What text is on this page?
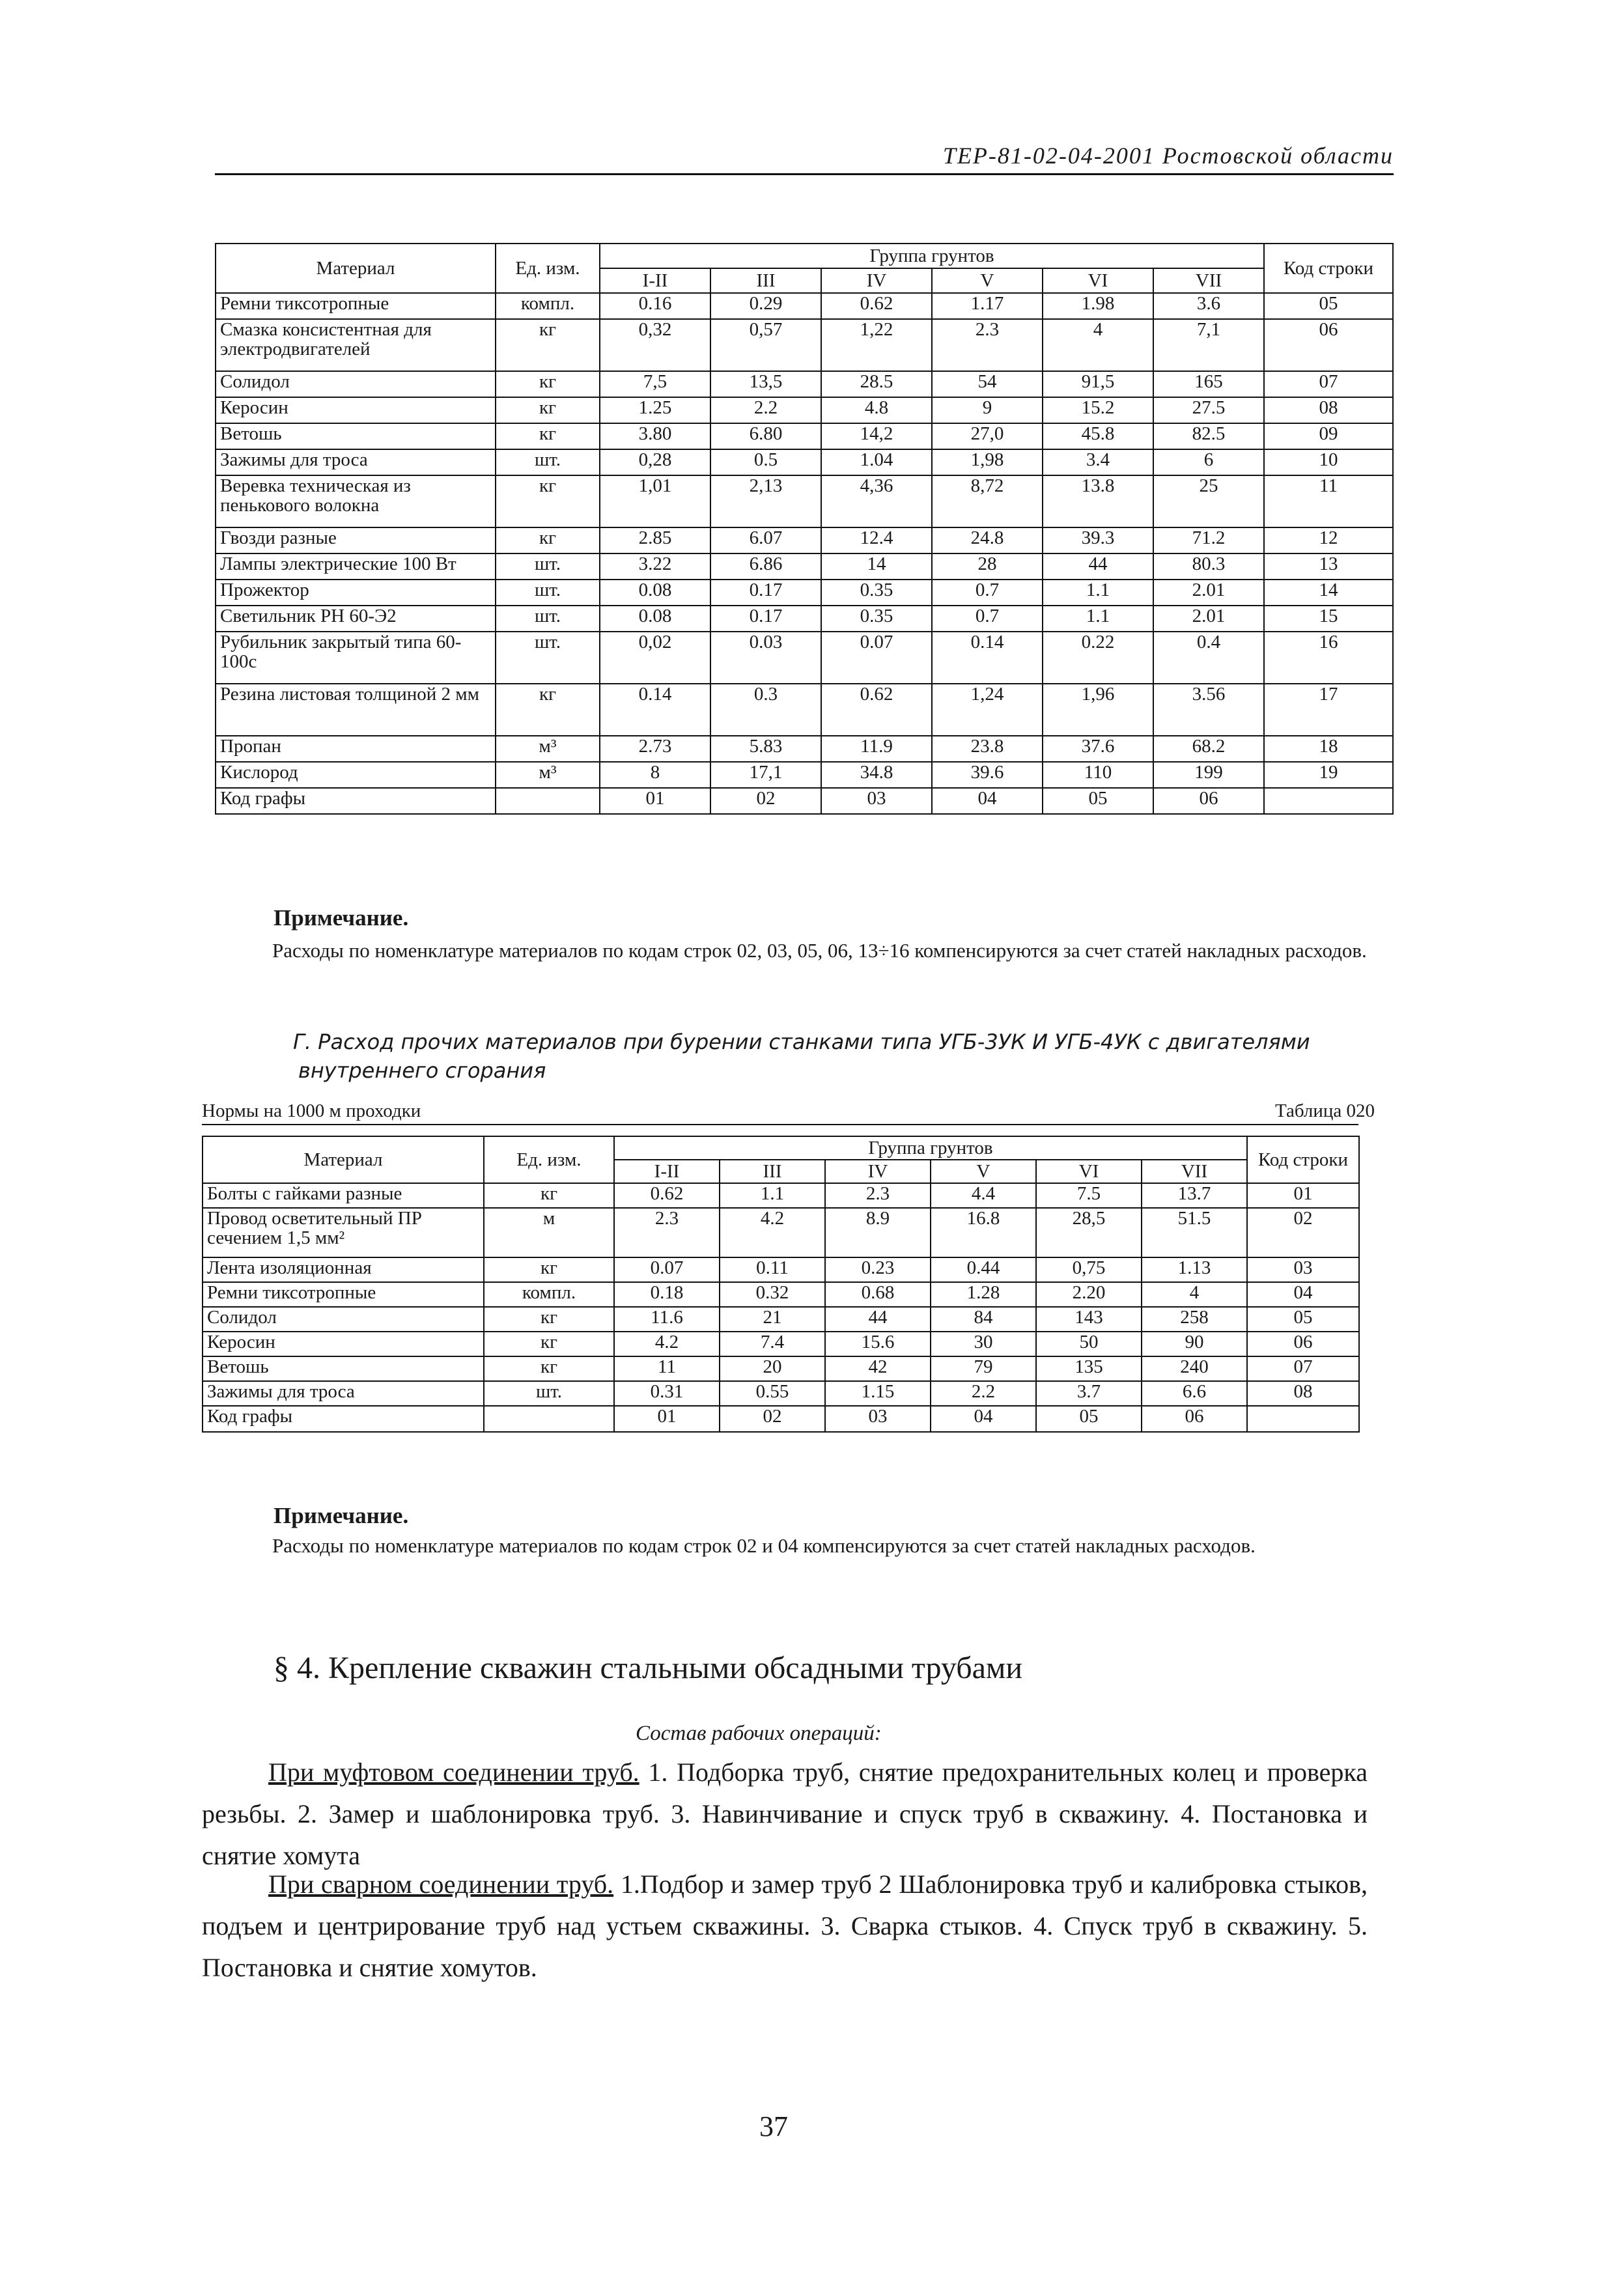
ТЕР-81-02-04-2001 Ростовской области
Материал	Ед. изм.	Группа грунтов						Код строки
		I-II	III	IV	V	VI	VII	
Ремни тиксотропные	компл.	0.16	0.29	0.62	1.17	1.98	3.6	05
Смазка консистентная для электродвигателей	кг	0,32	0,57	1,22	2.3	4	7,1	06
Солидол	кг	7,5	13,5	28.5	54	91,5	165	07
Керосин	кг	1.25	2.2	4.8	9	15.2	27.5	08
Ветошь	кг	3.80	6.80	14,2	27,0	45.8	82.5	09
Зажимы для троса	шт.	0,28	0.5	1.04	1,98	3.4	6	10
Веревка техническая из пенькового волокна	кг	1,01	2,13	4,36	8,72	13.8	25	11
Гвозди разные	кг	2.85	6.07	12.4	24.8	39.3	71.2	12
Лампы электрические 100 Вт	шт.	3.22	6.86	14	28	44	80.3	13
Прожектор	шт.	0.08	0.17	0.35	0.7	1.1	2.01	14
Светильник РН 60-Э2	шт.	0.08	0.17	0.35	0.7	1.1	2.01	15
Рубильник закрытый типа 60-100с	шт.	0,02	0.03	0.07	0.14	0.22	0.4	16
Резина листовая толщиной 2 мм	кг	0.14	0.3	0.62	1,24	1,96	3.56	17
Пропан	м³	2.73	5.83	11.9	23.8	37.6	68.2	18
Кислород	м³	8	17,1	34.8	39.6	110	199	19
Код графы		01	02	03	04	05	06	
Примечание.
Расходы по номенклатуре материалов по кодам строк 02, 03, 05, 06, 13÷16 компенсируются за счет статей накладных расходов.
Г. Расход прочих материалов при бурении станками типа УГБ-3УК И УГБ-4УК с двигателями
внутреннего сгорания
Нормы на 1000 м проходки	Таблица 020
Материал	Ед. изм.	Группа грунтов						Код строки
		I-II	III	IV	V	VI	VII	
Болты с гайками разные	кг	0.62	1.1	2.3	4.4	7.5	13.7	01
Провод осветительный ПР сечением 1,5 мм²	м	2.3	4.2	8.9	16.8	28,5	51.5	02
Лента изоляционная	кг	0.07	0.11	0.23	0.44	0,75	1.13	03
Ремни тиксотропные	компл.	0.18	0.32	0.68	1.28	2.20	4	04
Солидол	кг	11.6	21	44	84	143	258	05
Керосин	кг	4.2	7.4	15.6	30	50	90	06
Ветошь	кг	11	20	42	79	135	240	07
Зажимы для троса	шт.	0.31	0.55	1.15	2.2	3.7	6.6	08
Код графы		01	02	03	04	05	06	
Примечание.
Расходы по номенклатуре материалов по кодам строк 02 и 04 компенсируются за счет статей накладных расходов.
§ 4. Крепление скважин стальными обсадными трубами
Состав рабочих операций:
При муфтовом соединении труб. 1. Подборка труб, снятие предохранительных колец и проверка резьбы. 2. Замер и шаблонировка труб. 3. Навинчивание и спуск труб в скважину. 4. Постановка и снятие хомута
При сварном соединении труб. 1.Подбор и замер труб 2 Шаблонировка труб и калибровка стыков, подъем и центрирование труб над устьем скважины. 3. Сварка стыков. 4. Спуск труб в скважину. 5. Постановка и снятие хомутов.
37
